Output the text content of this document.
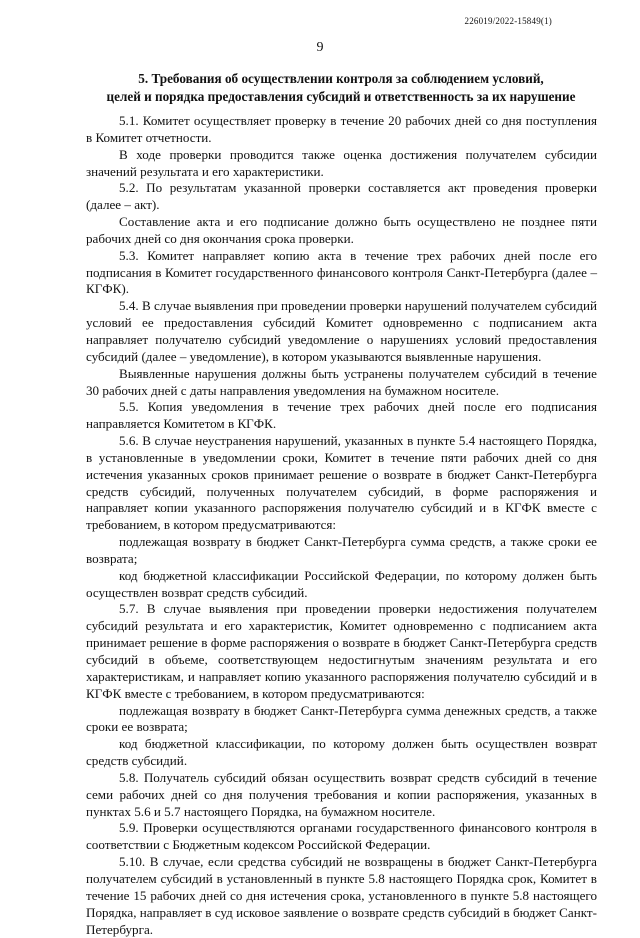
226019/2022-15849(1)
9
5. Требования об осуществлении контроля за соблюдением условий,
целей и порядка предоставления субсидий и ответственность за их нарушение

5.1. Комитет осуществляет проверку в течение 20 рабочих дней со дня поступления в Комитет отчетности.

В ходе проверки проводится также оценка достижения получателем субсидии значений результата и его характеристики.

5.2. По результатам указанной проверки составляется акт проведения проверки (далее – акт).

Составление акта и его подписание должно быть осуществлено не позднее пяти рабочих дней со дня окончания срока проверки.

5.3. Комитет направляет копию акта в течение трех рабочих дней после его подписания в Комитет государственного финансового контроля Санкт-Петербурга (далее – КГФК).

5.4. В случае выявления при проведении проверки нарушений получателем субсидий условий ее предоставления субсидий Комитет одновременно с подписанием акта направляет получателю субсидий уведомление о нарушениях условий предоставления субсидий (далее – уведомление), в котором указываются выявленные нарушения.

Выявленные нарушения должны быть устранены получателем субсидий в течение 30 рабочих дней с даты направления уведомления на бумажном носителе.

5.5. Копия уведомления в течение трех рабочих дней после его подписания направляется Комитетом в КГФК.

5.6. В случае неустранения нарушений, указанных в пункте 5.4 настоящего Порядка, в установленные в уведомлении сроки, Комитет в течение пяти рабочих дней со дня истечения указанных сроков принимает решение о возврате в бюджет Санкт-Петербурга средств субсидий, полученных получателем субсидий, в форме распоряжения и направляет копии указанного распоряжения получателю субсидий и в КГФК вместе с требованием, в котором предусматриваются:

подлежащая возврату в бюджет Санкт-Петербурга сумма средств, а также сроки ее возврата;

код бюджетной классификации Российской Федерации, по которому должен быть осуществлен возврат средств субсидий.

5.7. В случае выявления при проведении проверки недостижения получателем субсидий результата и его характеристик, Комитет одновременно с подписанием акта принимает решение в форме распоряжения о возврате в бюджет Санкт-Петербурга средств субсидий в объеме, соответствующем недостигнутым значениям результата и его характеристикам, и направляет копию указанного распоряжения получателю субсидий и в КГФК вместе с требованием, в котором предусматриваются:

подлежащая возврату в бюджет Санкт-Петербурга сумма денежных средств, а также сроки ее возврата;

код бюджетной классификации, по которому должен быть осуществлен возврат средств субсидий.

5.8. Получатель субсидий обязан осуществить возврат средств субсидий в течение семи рабочих дней со дня получения требования и копии распоряжения, указанных в пунктах 5.6 и 5.7 настоящего Порядка, на бумажном носителе.

5.9. Проверки осуществляются органами государственного финансового контроля в соответствии с Бюджетным кодексом Российской Федерации.

5.10. В случае, если средства субсидий не возвращены в бюджет Санкт-Петербурга получателем субсидий в установленный в пункте 5.8 настоящего Порядка срок, Комитет в течение 15 рабочих дней со дня истечения срока, установленного в пункте 5.8 настоящего Порядка, направляет в суд исковое заявление о возврате средств субсидий в бюджет Санкт-Петербурга.
